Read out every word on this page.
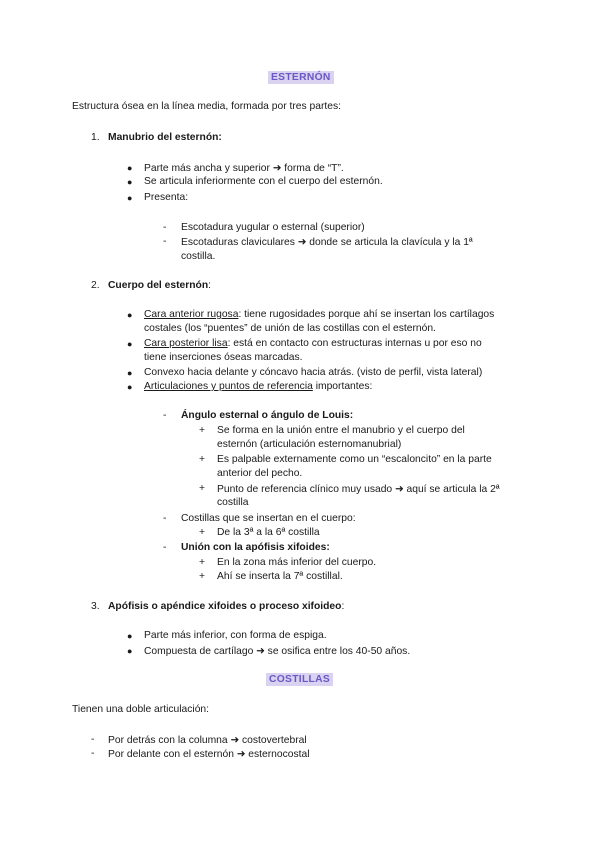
ESTERNÓN
Estructura ósea en la línea media, formada por tres partes:
1. Manubrio del esternón:
● Parte más ancha y superior ➜ forma de “T”.
● Se articula inferiormente con el cuerpo del esternón.
● Presenta:
- Escotadura yugular o esternal (superior)
- Escotaduras claviculares ➜ donde se articula la clavícula y la 1ª
costilla.
2. Cuerpo del esternón:
● Cara anterior rugosa: tiene rugosidades porque ahí se insertan los cartílagos
costales (los “puentes” de unión de las costillas con el esternón.
● Cara posterior lisa: está en contacto con estructuras internas u por eso no
tiene inserciones óseas marcadas.
● Convexo hacia delante y cóncavo hacia atrás. (visto de perfil, vista lateral)
● Articulaciones y puntos de referencia importantes:
- Ángulo esternal o ángulo de Louis:
+ Se forma en la unión entre el manubrio y el cuerpo del
esternón (articulación esternomanubrial)
+ Es palpable externamente como un “escaloncito” en la parte
anterior del pecho.
+ Punto de referencia clínico muy usado ➜ aquí se articula la 2ª
costilla
- Costillas que se insertan en el cuerpo:
+ De la 3ª a la 6ª costilla
- Unión con la apófisis xifoides:
+ En la zona más inferior del cuerpo.
+ Ahí se inserta la 7ª costillal.
3. Apófisis o apéndice xifoides o proceso xifoideo:
● Parte más inferior, con forma de espiga.
● Compuesta de cartílago ➜ se osifica entre los 40-50 años.
COSTILLAS
Tienen una doble articulación:
- Por detrás con la columna ➜ costovertebral
- Por delante con el esternón ➜ esternocostal
